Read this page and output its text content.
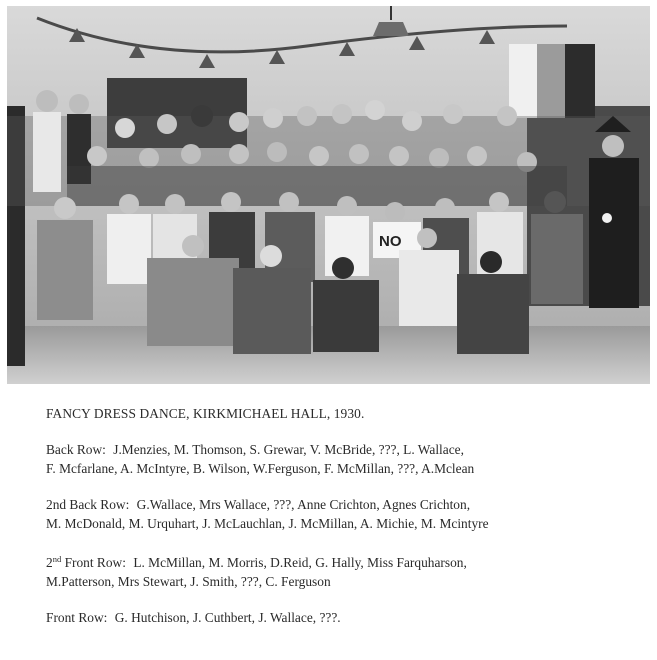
NO
FANCY DRESS DANCE, KIRKMICHAEL HALL, 1930.
Back Row: J.Menzies, M. Thomson, S. Grewar, V. McBride, ???, L. Wallace,
F. Mcfarlane, A. McIntyre, B. Wilson, W.Ferguson, F. McMillan, ???, A.Mclean
2nd Back Row: G.Wallace, Mrs Wallace, ???, Anne Crichton, Agnes Crichton,
M. McDonald, M. Urquhart, J. McLauchlan, J. McMillan, A. Michie, M. Mcintyre
2nd Front Row: L. McMillan, M. Morris, D.Reid, G. Hally, Miss Farquharson,
M.Patterson, Mrs Stewart, J. Smith, ???, C. Ferguson
Front Row: G. Hutchison, J. Cuthbert, J. Wallace, ???.
